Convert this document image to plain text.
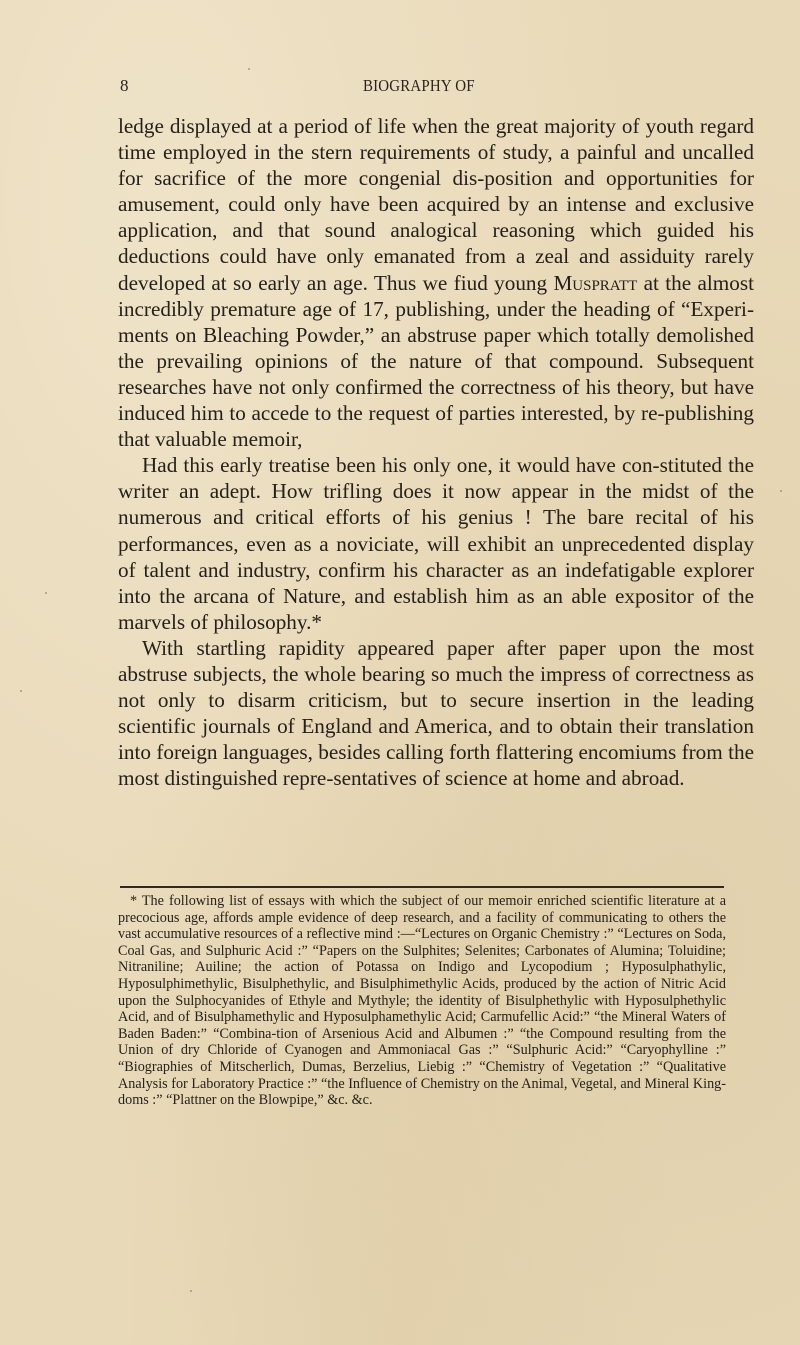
8	BIOGRAPHY OF

ledge displayed at a period of life when the great majority of youth regard time employed in the stern requirements of study, a painful and uncalled for sacrifice of the more congenial dis-position and opportunities for amusement, could only have been acquired by an intense and exclusive application, and that sound analogical reasoning which guided his deductions could have only emanated from a zeal and assiduity rarely developed at so early an age. Thus we fiud young Muspratt at the almost incredibly premature age of 17, publishing, under the heading of “Experi-ments on Bleaching Powder,” an abstruse paper which totally demolished the prevailing opinions of the nature of that compound. Subsequent researches have not only confirmed the correctness of his theory, but have induced him to accede to the request of parties interested, by re-publishing that valuable memoir,

Had this early treatise been his only one, it would have con-stituted the writer an adept. How trifling does it now appear in the midst of the numerous and critical efforts of his genius ! The bare recital of his performances, even as a noviciate, will exhibit an unprecedented display of talent and industry, confirm his character as an indefatigable explorer into the arcana of Nature, and establish him as an able expositor of the marvels of philosophy.*

With startling rapidity appeared paper after paper upon the most abstruse subjects, the whole bearing so much the impress of correctness as not only to disarm criticism, but to secure insertion in the leading scientific journals of England and America, and to obtain their translation into foreign languages, besides calling forth flattering encomiums from the most distinguished repre-sentatives of science at home and abroad.

* The following list of essays with which the subject of our memoir enriched scientific literature at a precocious age, affords ample evidence of deep research, and a facility of communicating to others the vast accumulative resources of a reflective mind :—“Lectures on Organic Chemistry :” “Lectures on Soda, Coal Gas, and Sulphuric Acid :” “Papers on the Sulphites; Selenites; Carbonates of Alumina; Toluidine; Nitraniline; Auiline; the action of Potassa on Indigo and Lycopodium ; Hyposulphathylic, Hyposulphimethylic, Bisulphethylic, and Bisulphimethylic Acids, produced by the action of Nitric Acid upon the Sulphocyanides of Ethyle and Mythyle; the identity of Bisulphethylic with Hyposulphethylic Acid, and of Bisulphamethylic and Hyposulphamethylic Acid; Carmufellic Acid:” “the Mineral Waters of Baden Baden:” “Combina-tion of Arsenious Acid and Albumen :” “the Compound resulting from the Union of dry Chloride of Cyanogen and Ammoniacal Gas :” “Sulphuric Acid:” “Caryophylline :” “Biographies of Mitscherlich, Dumas, Berzelius, Liebig :” “Chemistry of Vegetation :” “Qualitative Analysis for Laboratory Practice :” “the Influence of Chemistry on the Animal, Vegetal, and Mineral King-doms :” “Plattner on the Blowpipe,” &c. &c.
